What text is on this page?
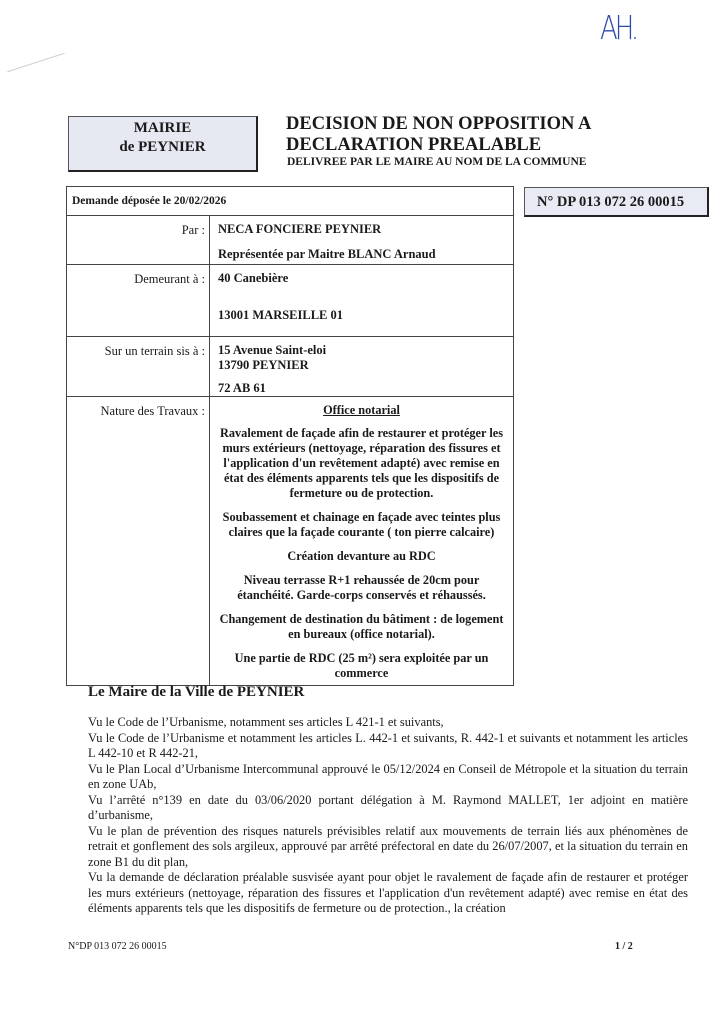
AH.
MAIRIE
de PEYNIER
DECISION DE NON OPPOSITION A
DECLARATION PREALABLE
DELIVREE PAR LE MAIRE AU NOM DE LA COMMUNE
N° DP 013 072 26 00015
Demande déposée le 20/02/2026	
Par :	NECA FONCIERE PEYNIER

Représentée par Maitre BLANC Arnaud

Demeurant à :	40 Canebière

13001 MARSEILLE 01

Sur un terrain sis à :	15 Avenue Saint-eloi

13790 PEYNIER

72 AB 61

Nature des Travaux :	Office notarial

Ravalement de façade afin de restaurer et protéger les murs extérieurs (nettoyage, réparation des fissures et l'application d'un revêtement adapté) avec remise en état des éléments apparents tels que les dispositifs de fermeture ou de protection.

Soubassement et chainage en façade avec teintes plus claires que la façade courante ( ton pierre calcaire)

Création devanture au RDC

Niveau terrasse R+1 rehaussée de 20cm pour étanchéité. Garde-corps conservés et réhaussés.

Changement de destination du bâtiment : de logement en bureaux (office notarial).

Une partie de RDC (25 m²) sera exploitée par un commerce

Le Maire de la Ville de PEYNIER

Vu le Code de l’Urbanisme, notamment ses articles L 421-1 et suivants,

Vu le Code de l’Urbanisme et notamment les articles L. 442-1 et suivants, R. 442-1 et suivants et notamment les articles L 442-10 et R 442-21,

Vu le Plan Local d’Urbanisme Intercommunal approuvé le 05/12/2024 en Conseil de Métropole et la situation du terrain en zone UAb,

Vu l’arrêté n°139 en date du 03/06/2020 portant délégation à M. Raymond MALLET, 1er adjoint en matière d’urbanisme,

Vu le plan de prévention des risques naturels prévisibles relatif aux mouvements de terrain liés aux phénomènes de retrait et gonflement des sols argileux, approuvé par arrêté préfectoral en date du 26/07/2007, et la situation du terrain en zone B1 du dit plan,

Vu la demande de déclaration préalable susvisée ayant pour objet le ravalement de façade afin de restaurer et protéger les murs extérieurs (nettoyage, réparation des fissures et l'application d'un revêtement adapté) avec remise en état des éléments apparents tels que les dispositifs de fermeture ou de protection., la création

N°DP 013 072 26 00015	1 / 2
